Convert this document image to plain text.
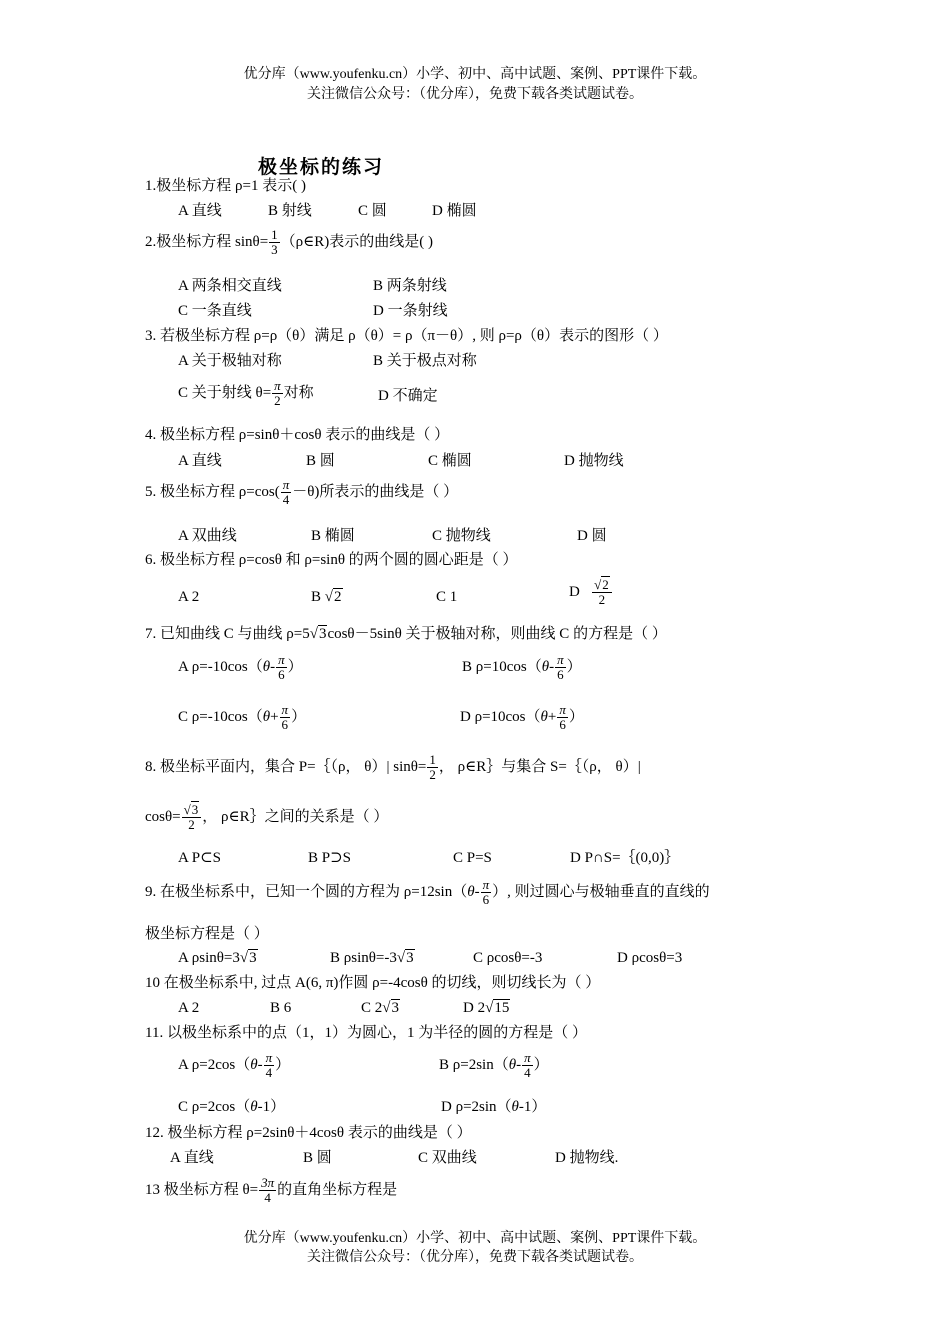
优分库（www.youfenku.cn）小学、初中、高中试题、案例、PPT课件下载。
关注微信公众号：（优分库），免费下载各类试题试卷。
极坐标的练习
1.极坐标方程 ρ=1 表示( )
A 直线	B 射线	C 圆	D 椭圆
2.极坐标方程 $\sin\theta= \frac{1}{3}$ （ρ∈R)表示的曲线是( )
A 两条相交直线	B 两条射线
C 一条直线	D 一条射线
3. 若极坐标方程 ρ=ρ（θ）满足 ρ（θ）= ρ（π－θ）, 则 ρ=ρ（θ）表示的图形（ ）
A 关于极轴对称	B 关于极点对称
C 关于射线 $\theta= \frac{\pi}{2}$ 对称	D 不确定
4. 极坐标方程 ρ=sinθ＋cosθ 表示的曲线是（ ）
A 直线	B 圆	C 椭圆	D 抛物线
5. 极坐标方程 $\rho=\cos( \frac{\pi}{4} -\theta)$所表示的曲线是（ ）
A 双曲线	B 椭圆	C 抛物线	D 圆
6. 极坐标方程 ρ=cosθ 和 ρ=sinθ 的两个圆的圆心距是（ ）
A 2	B √2	C 1	D $\frac{√2}{2}$
7. 已知曲线 C 与曲线 ρ=5√3cosθ－5sinθ 关于极轴对称，则曲线 C 的方程是（ ）
A $\rho=-10\cos(\theta- \frac{\pi}{6}$ ）	B $\rho=10\cos(\theta- \frac{\pi}{6}$ ）
C $\rho=-10\cos(\theta+ \frac{\pi}{6}$ ）	D $\rho=10\cos(\theta+ \frac{\pi}{6}$ ）
8. 极坐标平面内，集合 P=｛（ρ， θ）| $\sin\theta= \frac{1}{2}$ ， ρ∈R｝与集合 S=｛（ρ， θ）|
$\cos\theta= \frac{√3}{2}$ ， ρ∈R｝之间的关系是（ ）
A P⊂S	B P⊃S	C P=S	D P∩S=｛(0,0)｝
9. 在极坐标系中，已知一个圆的方程为 $\rho=12\sin(\theta- \frac{\pi}{6}$ ）, 则过圆心与极轴垂直的直线的
极坐标方程是（ ）
A ρsinθ=3√3	B ρsinθ=-3√3	C ρcosθ=-3	D ρcosθ=3
10 在极坐标系中, 过点 A(6, π)作圆 ρ=-4cosθ 的切线，则切线长为（ ）
A 2	B 6	C 2√3	D 2√15
11. 以极坐标系中的点（1，1）为圆心，1 为半径的圆的方程是（ ）
A $\rho=2\cos(\theta- \frac{\pi}{4}$ ）	B $\rho=2\sin(\theta- \frac{\pi}{4}$ ）
C ρ=2cos（θ-1）	D ρ=2sin（θ-1）
12. 极坐标方程 ρ=2sinθ＋4cosθ 表示的曲线是（ ）
A 直线	B 圆	C 双曲线	D 抛物线.
13 极坐标方程 $\theta= \frac{3\pi}{4}$ 的直角坐标方程是
优分库（www.youfenku.cn）小学、初中、高中试题、案例、PPT课件下载。
关注微信公众号：（优分库），免费下载各类试题试卷。
